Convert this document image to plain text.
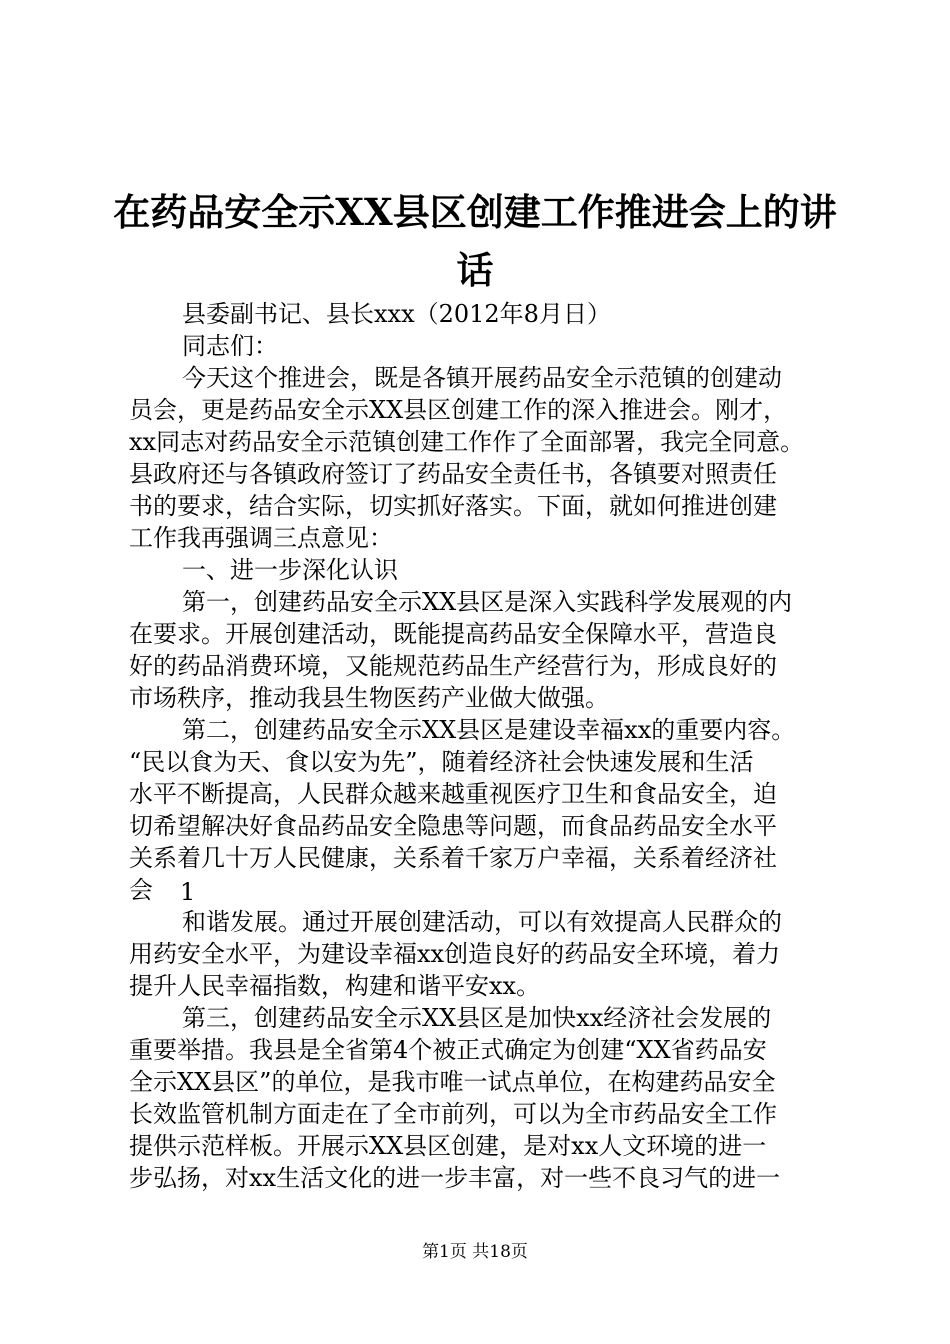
在药品安全示XX县区创建工作推进会上的讲
话

县委副书记、县长xxx（2012年8月日）

同志们：

今天这个推进会，既是各镇开展药品安全示范镇的创建动

员会，更是药品安全示XX县区创建工作的深入推进会。刚才，

xx同志对药品安全示范镇创建工作作了全面部署，我完全同意。

县政府还与各镇政府签订了药品安全责任书，各镇要对照责任

书的要求，结合实际，切实抓好落实。下面，就如何推进创建

工作我再强调三点意见：

一、进一步深化认识

第一，创建药品安全示XX县区是深入实践科学发展观的内

在要求。开展创建活动，既能提高药品安全保障水平，营造良

好的药品消费环境，又能规范药品生产经营行为，形成良好的

市场秩序，推动我县生物医药产业做大做强。

第二，创建药品安全示XX县区是建设幸福xx的重要内容。

“民以食为天、食以安为先”，随着经济社会快速发展和生活

水平不断提高，人民群众越来越重视医疗卫生和食品安全，迫

切希望解决好食品药品安全隐患等问题，而食品药品安全水平

关系着几十万人民健康，关系着千家万户幸福，关系着经济社

会	1

和谐发展。通过开展创建活动，可以有效提高人民群众的

用药安全水平，为建设幸福xx创造良好的药品安全环境，着力

提升人民幸福指数，构建和谐平安xx。

第三，创建药品安全示XX县区是加快xx经济社会发展的

重要举措。我县是全省第4个被正式确定为创建“XX省药品安

全示XX县区”的单位，是我市唯一试点单位，在构建药品安全

长效监管机制方面走在了全市前列，可以为全市药品安全工作

提供示范样板。开展示XX县区创建，是对xx人文环境的进一

步弘扬，对xx生活文化的进一步丰富，对一些不良习气的进一

第1页 共18页
